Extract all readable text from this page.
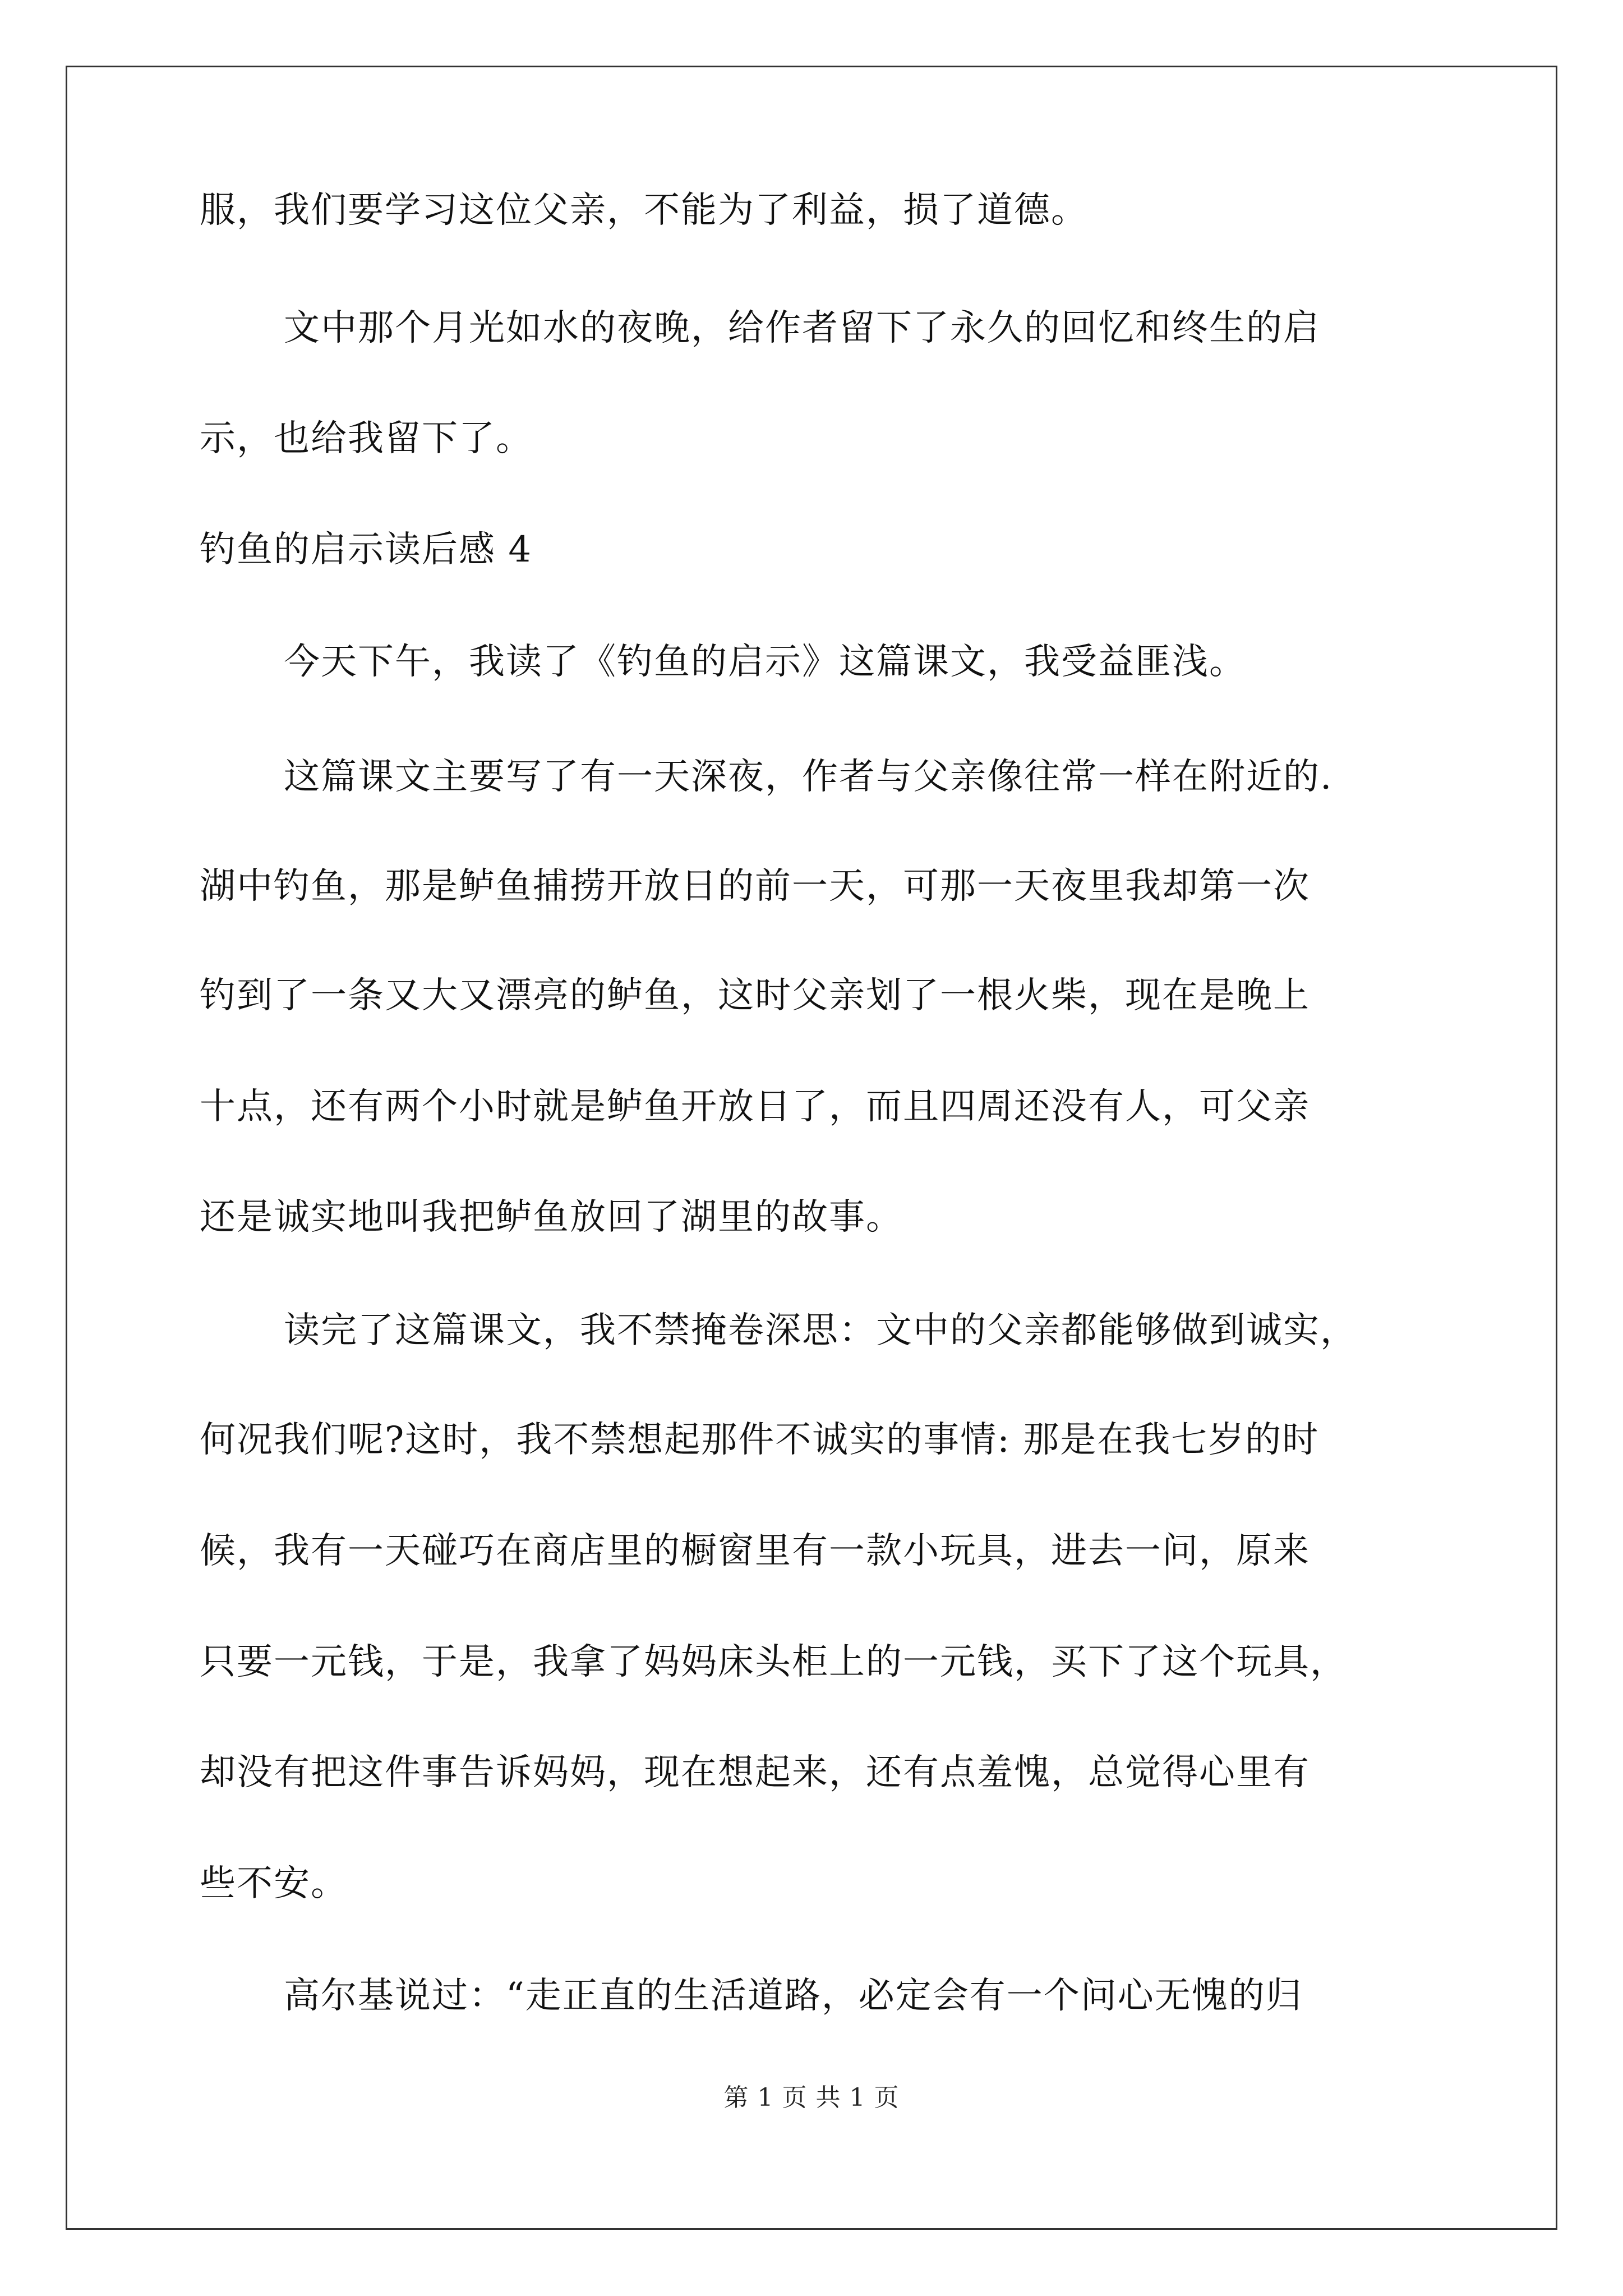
服，我们要学习这位父亲，不能为了利益，损了道德。
文中那个月光如水的夜晚，给作者留下了永久的回忆和终生的启
示，也给我留下了。
钓鱼的启示读后感 4
今天下午，我读了《钓鱼的启示》这篇课文，我受益匪浅。
这篇课文主要写了有一天深夜，作者与父亲像往常一样在附近的.
湖中钓鱼，那是鲈鱼捕捞开放日的前一天，可那一天夜里我却第一次
钓到了一条又大又漂亮的鲈鱼，这时父亲划了一根火柴，现在是晚上
十点，还有两个小时就是鲈鱼开放日了，而且四周还没有人，可父亲
还是诚实地叫我把鲈鱼放回了湖里的故事。
读完了这篇课文，我不禁掩卷深思：文中的父亲都能够做到诚实，
何况我们呢?这时，我不禁想起那件不诚实的事情: 那是在我七岁的时
候，我有一天碰巧在商店里的橱窗里有一款小玩具，进去一问，原来
只要一元钱，于是，我拿了妈妈床头柜上的一元钱，买下了这个玩具，
却没有把这件事告诉妈妈，现在想起来，还有点羞愧，总觉得心里有
些不安。
高尔基说过：“走正直的生活道路，必定会有一个问心无愧的归
第 1 页 共 1 页
